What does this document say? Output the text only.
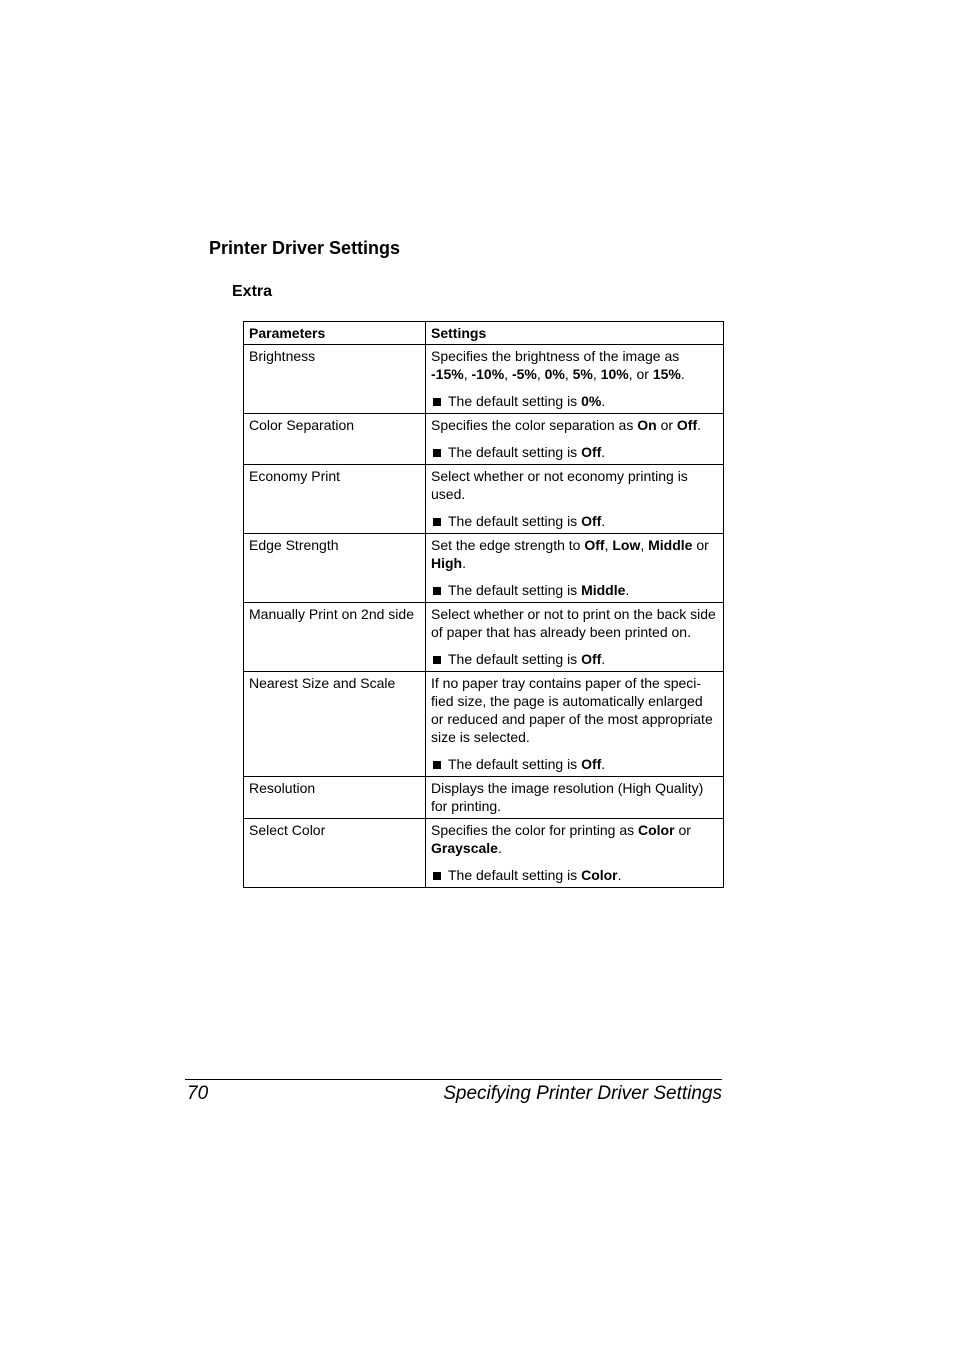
Printer Driver Settings
Extra
Parameters	Settings
Brightness	Specifies the brightness of the image as -15%, -10%, -5%, 0%, 5%, 10%, or 15%.
The default setting is 0%.

Color Separation	Specifies the color separation as On or Off.
The default setting is Off.

Economy Print	Select whether or not economy printing is used.
The default setting is Off.

Edge Strength	Set the edge strength to Off, Low, Middle or High.
The default setting is Middle.

Manually Print on 2nd side	Select whether or not to print on the back side of paper that has already been printed on.
The default setting is Off.

Nearest Size and Scale	If no paper tray contains paper of the speci-fied size, the page is automatically enlarged or reduced and paper of the most appropriate size is selected.
The default setting is Off.

Resolution	Displays the image resolution (High Quality) for printing.

Select Color	Specifies the color for printing as Color or Grayscale.
The default setting is Color.
70	Specifying Printer Driver Settings
